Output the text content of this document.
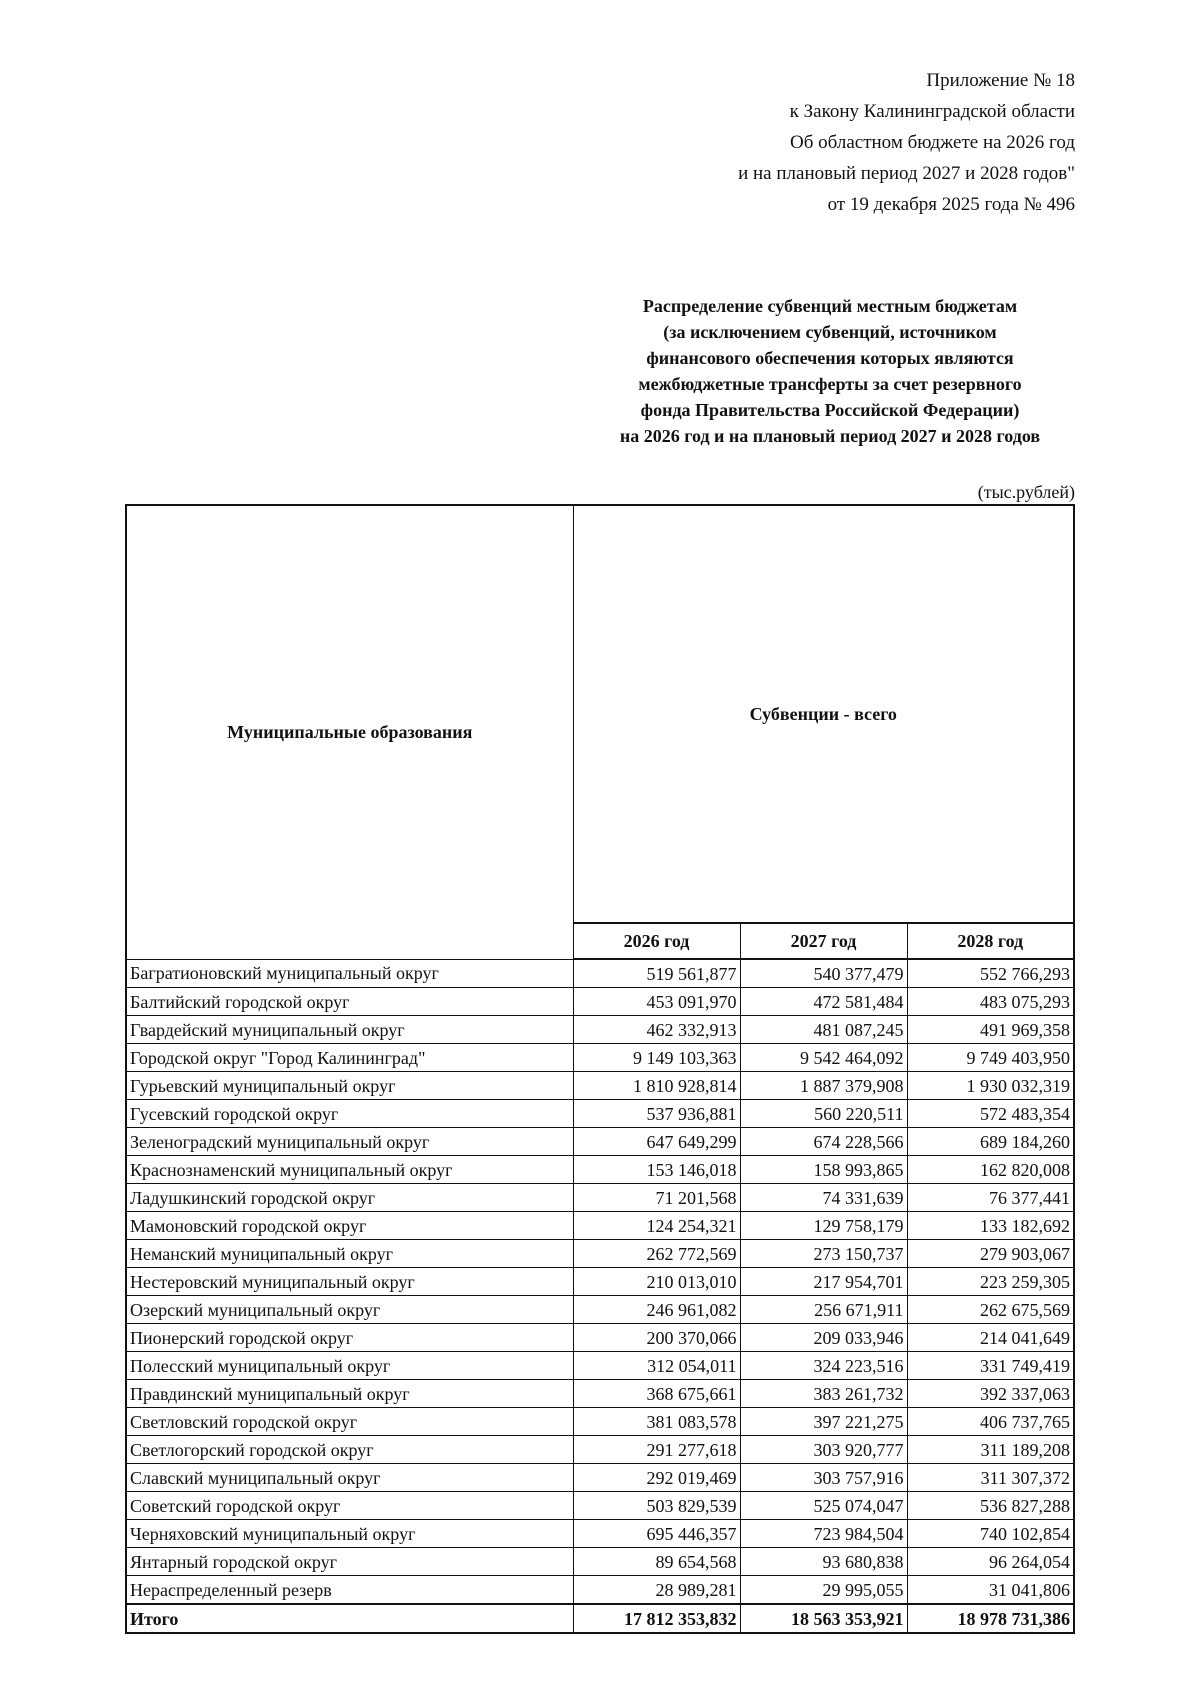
Приложение № 18
к Закону Калининградской области
Об областном бюджете на 2026 год
и на плановый период 2027 и 2028 годов"
от 19 декабря 2025 года № 496
Распределение субвенций местным бюджетам
(за исключением субвенций, источником
финансового обеспечения которых являются
межбюджетные трансферты за счет резервного
фонда Правительства Российской Федерации)
на 2026 год и на плановый период 2027 и 2028 годов
(тыс.рублей)
Муниципальные образования	Субвенции - всего		
	2026 год	2027 год	2028 год
Багратионовский муниципальный округ	519 561,877	540 377,479	552 766,293
Балтийский городской округ	453 091,970	472 581,484	483 075,293
Гвардейский муниципальный округ	462 332,913	481 087,245	491 969,358
Городской округ "Город Калининград"	9 149 103,363	9 542 464,092	9 749 403,950
Гурьевский муниципальный округ	1 810 928,814	1 887 379,908	1 930 032,319
Гусевский городской округ	537 936,881	560 220,511	572 483,354
Зеленоградский муниципальный округ	647 649,299	674 228,566	689 184,260
Краснознаменский муниципальный округ	153 146,018	158 993,865	162 820,008
Ладушкинский городской округ	71 201,568	74 331,639	76 377,441
Мамоновский городской округ	124 254,321	129 758,179	133 182,692
Неманский муниципальный округ	262 772,569	273 150,737	279 903,067
Нестеровский муниципальный округ	210 013,010	217 954,701	223 259,305
Озерский муниципальный округ	246 961,082	256 671,911	262 675,569
Пионерский городской округ	200 370,066	209 033,946	214 041,649
Полесский муниципальный округ	312 054,011	324 223,516	331 749,419
Правдинский муниципальный округ	368 675,661	383 261,732	392 337,063
Светловский городской округ	381 083,578	397 221,275	406 737,765
Светлогорский городской округ	291 277,618	303 920,777	311 189,208
Славский муниципальный округ	292 019,469	303 757,916	311 307,372
Советский городской округ	503 829,539	525 074,047	536 827,288
Черняховский муниципальный округ	695 446,357	723 984,504	740 102,854
Янтарный городской округ	89 654,568	93 680,838	96 264,054
Нераспределенный резерв	28 989,281	29 995,055	31 041,806
Итого	17 812 353,832	18 563 353,921	18 978 731,386
